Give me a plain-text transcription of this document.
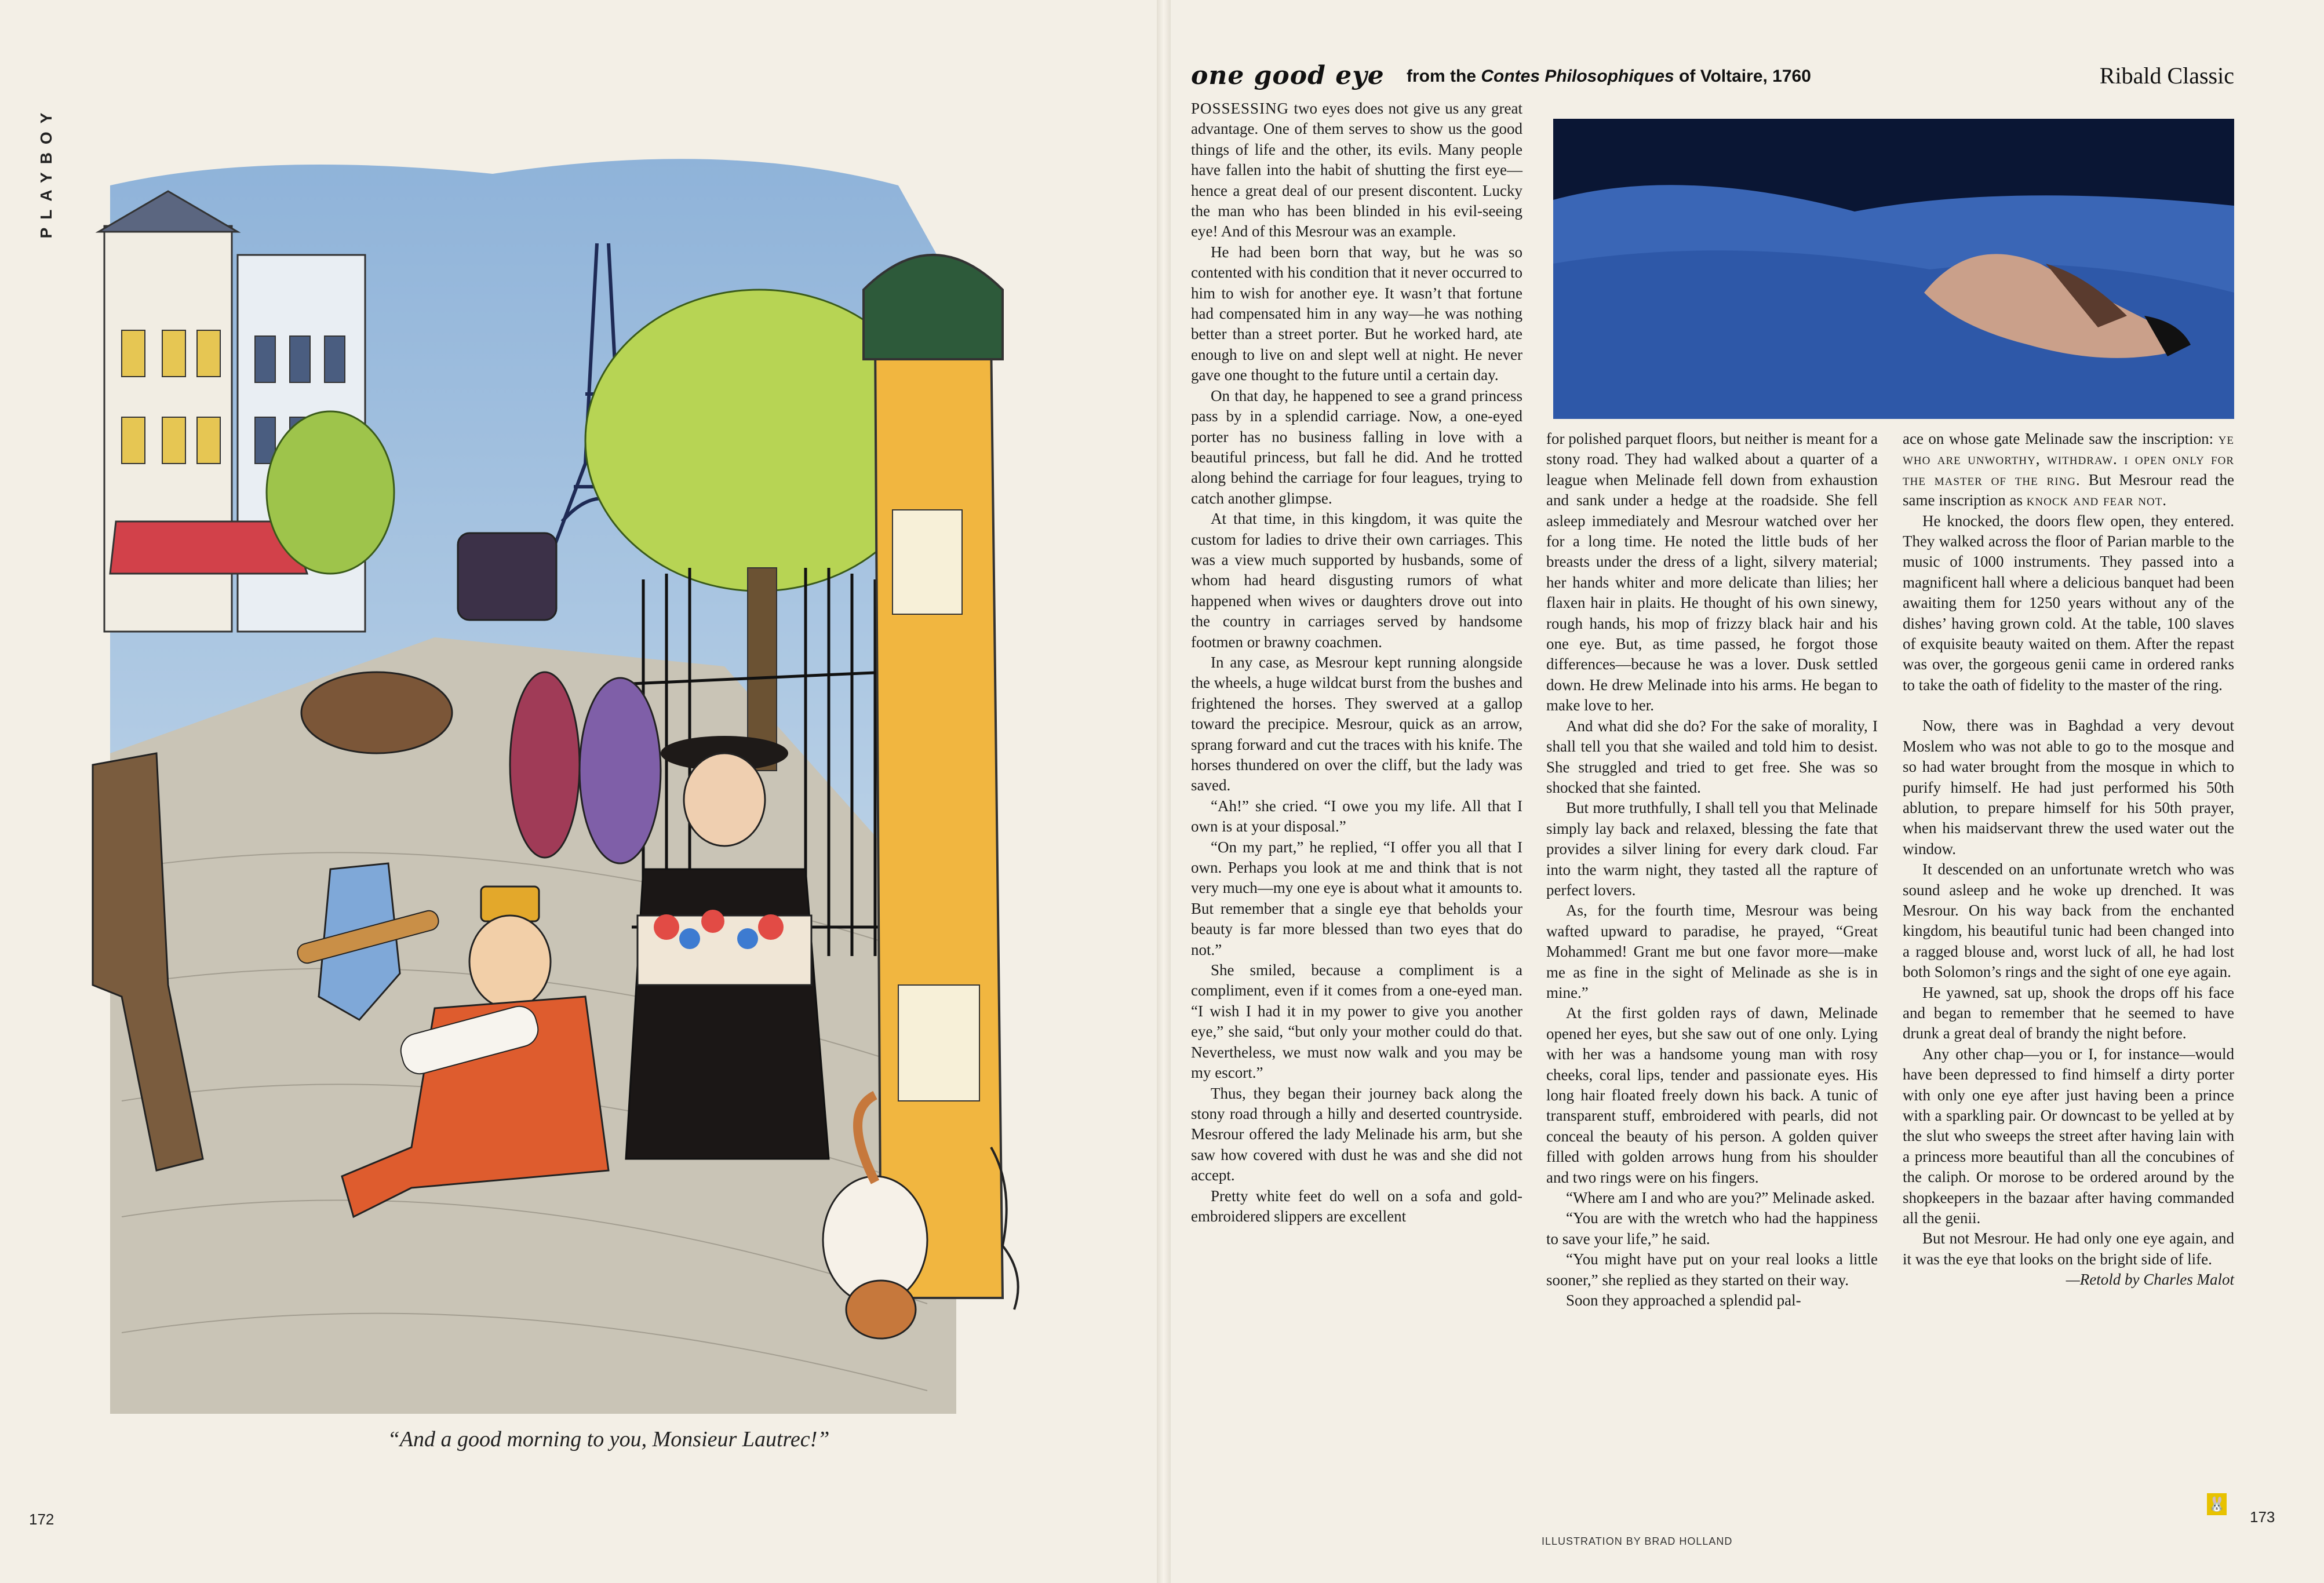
PLAYBOY
“And a good morning to you, Monsieur Lautrec!”
172
one good eye from the Contes Philosophiques of Voltaire, 1760	Ribald Classic

POSSESSING two eyes does not give us any great advantage. One of them serves to show us the good things of life and the other, its evils. Many people have fallen into the habit of shutting the first eye—hence a great deal of our present discontent. Lucky the man who has been blinded in his evil-seeing eye! And of this Mesrour was an example.

He had been born that way, but he was so contented with his condition that it never occurred to him to wish for another eye. It wasn’t that fortune had compensated him in any way—he was nothing better than a street porter. But he worked hard, ate enough to live on and slept well at night. He never gave one thought to the future until a certain day.

On that day, he happened to see a grand princess pass by in a splendid carriage. Now, a one-eyed porter has no business falling in love with a beautiful princess, but fall he did. And he trotted along behind the carriage for four leagues, trying to catch another glimpse.

At that time, in this kingdom, it was quite the custom for ladies to drive their own carriages. This was a view much supported by husbands, some of whom had heard disgusting rumors of what happened when wives or daughters drove out into the country in carriages served by handsome footmen or brawny coachmen.

In any case, as Mesrour kept running alongside the wheels, a huge wildcat burst from the bushes and frightened the horses. They swerved at a gallop toward the precipice. Mesrour, quick as an arrow, sprang forward and cut the traces with his knife. The horses thundered on over the cliff, but the lady was saved.

“Ah!” she cried. “I owe you my life. All that I own is at your disposal.”

“On my part,” he replied, “I offer you all that I own. Perhaps you look at me and think that is not very much—my one eye is about what it amounts to. But remember that a single eye that beholds your beauty is far more blessed than two eyes that do not.”

She smiled, because a compliment is a compliment, even if it comes from a one-eyed man. “I wish I had it in my power to give you another eye,” she said, “but only your mother could do that. Nevertheless, we must now walk and you may be my escort.”

Thus, they began their journey back along the stony road through a hilly and deserted countryside. Mesrour offered the lady Melinade his arm, but she saw how covered with dust he was and she did not accept.

Pretty white feet do well on a sofa and gold-embroidered slippers are excellent

for polished parquet floors, but neither is meant for a stony road. They had walked about a quarter of a league when Melinade fell down from exhaustion and sank under a hedge at the roadside. She fell asleep immediately and Mesrour watched over her for a long time. He noted the little buds of her breasts under the dress of a light, silvery material; her hands whiter and more delicate than lilies; her flaxen hair in plaits. He thought of his own sinewy, rough hands, his mop of frizzy black hair and his one eye. But, as time passed, he forgot those differences—because he was a lover. Dusk settled down. He drew Melinade into his arms. He began to make love to her.

And what did she do? For the sake of morality, I shall tell you that she wailed and told him to desist. She struggled and tried to get free. She was so shocked that she fainted.

But more truthfully, I shall tell you that Melinade simply lay back and relaxed, blessing the fate that provides a silver lining for every dark cloud. Far into the warm night, they tasted all the rapture of perfect lovers.

As, for the fourth time, Mesrour was being wafted upward to paradise, he prayed, “Great Mohammed! Grant me but one favor more—make me as fine in the sight of Melinade as she is in mine.”

At the first golden rays of dawn, Melinade opened her eyes, but she saw out of one only. Lying with her was a handsome young man with rosy cheeks, coral lips, tender and passionate eyes. His long hair floated freely down his back. A tunic of transparent stuff, embroidered with pearls, did not conceal the beauty of his person. A golden quiver filled with golden arrows hung from his shoulder and two rings were on his fingers.

“Where am I and who are you?” Melinade asked.

“You are with the wretch who had the happiness to save your life,” he said.

“You might have put on your real looks a little sooner,” she replied as they started on their way.

Soon they approached a splendid pal-

ace on whose gate Melinade saw the inscription: ye who are unworthy, withdraw. i open only for the master of the ring. But Mesrour read the same inscription as knock and fear not.

He knocked, the doors flew open, they entered. They walked across the floor of Parian marble to the music of 1000 instruments. They passed into a magnificent hall where a delicious banquet had been awaiting them for 1250 years without any of the dishes’ having grown cold. At the table, 100 slaves of exquisite beauty waited on them. After the repast was over, the gorgeous genii came in ordered ranks to take the oath of fidelity to the master of the ring.

Now, there was in Baghdad a very devout Moslem who was not able to go to the mosque and so had water brought from the mosque in which to purify himself. He had just performed his 50th ablution, to prepare himself for his 50th prayer, when his maidservant threw the used water out the window.

It descended on an unfortunate wretch who was sound asleep and he woke up drenched. It was Mesrour. On his way back from the enchanted kingdom, his beautiful tunic had been changed into a ragged blouse and, worst luck of all, he had lost both Solomon’s rings and the sight of one eye again.

He yawned, sat up, shook the drops off his face and began to remember that he seemed to have drunk a great deal of brandy the night before.

Any other chap—you or I, for instance—would have been depressed to find himself a dirty porter with only one eye after just having been a prince with a sparkling pair. Or downcast to be yelled at by the slut who sweeps the street after having lain with a princess more beautiful than all the concubines of the caliph. Or morose to be ordered around by the shopkeepers in the bazaar after having commanded all the genii.

But not Mesrour. He had only one eye again, and it was the eye that looks on the bright side of life.

—Retold by Charles Malot

ILLUSTRATION BY BRAD HOLLAND
🐰
173
